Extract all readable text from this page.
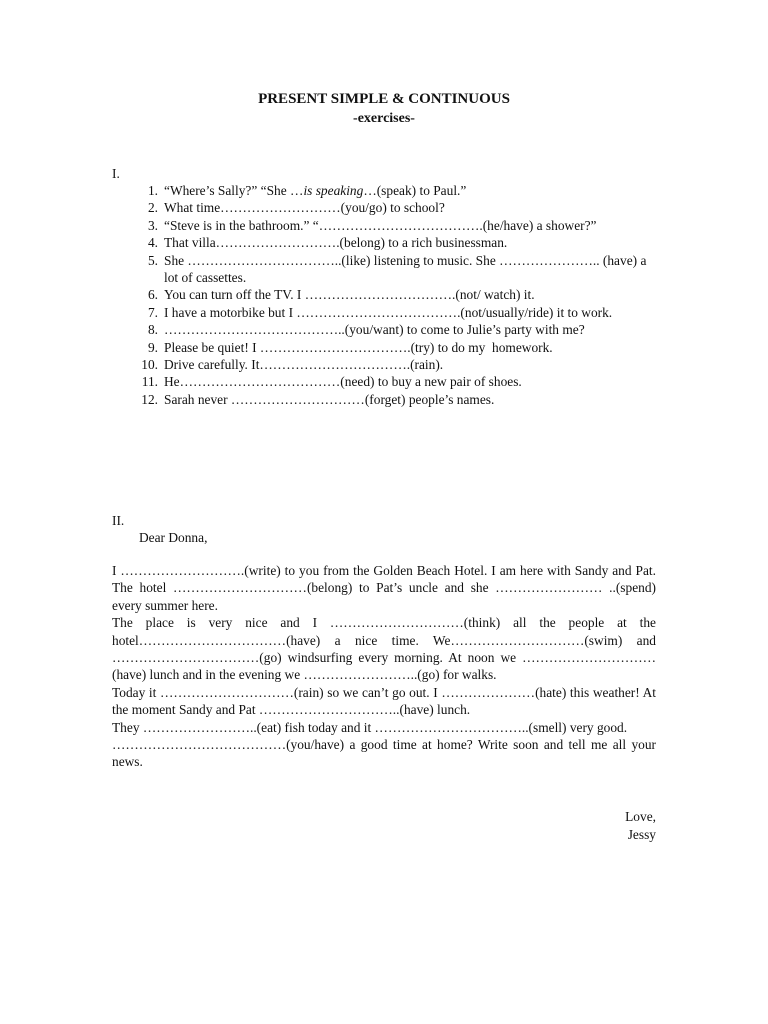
PRESENT SIMPLE & CONTINUOUS
-exercises-
I.
1. “Where’s Sally?” “She …is speaking…(speak) to Paul.”
2. What time………………………(you/go) to school?
3. “Steve is in the bathroom.” “……………………………….(he/have) a shower?”
4. That villa……………………….(belong) to a rich businessman.
5. She ……………………………..(like) listening to music. She ………………….. (have) a lot of cassettes.
6. You can turn off the TV. I …………………………….(not/ watch) it.
7. I have a motorbike but I ……………………………….(not/usually/ride) it to work.
8. …………………………………..(you/want) to come to Julie’s party with me?
9. Please be quiet! I …………………………….(try) to do my  homework.
10. Drive carefully. It…………………………….(rain).
11. He………………………………(need) to buy a new pair of shoes.
12. Sarah never …………………………(forget) people’s names.
II.
Dear Donna,

I ……………………….(write) to you from the Golden Beach Hotel. I am here with Sandy and Pat. The hotel …………………………(belong) to Pat’s uncle and she …………………… ..(spend) every summer here.

The place is very nice and I …………………………(think) all the people at the hotel……………………………(have) a nice time. We…………………………(swim) and ……………………………(go) windsurfing every morning. At noon we …………………………(have) lunch and in the evening we ……………………..(go) for walks.

Today it …………………………(rain) so we can’t go out. I …………………(hate) this weather! At the moment Sandy and Pat …………………………..(have) lunch.

They ……………………..(eat) fish today and it ……………………………..(smell) very good.

…………………………………(you/have) a good time at home? Write soon and tell me all your news.

Love,
Jessy
